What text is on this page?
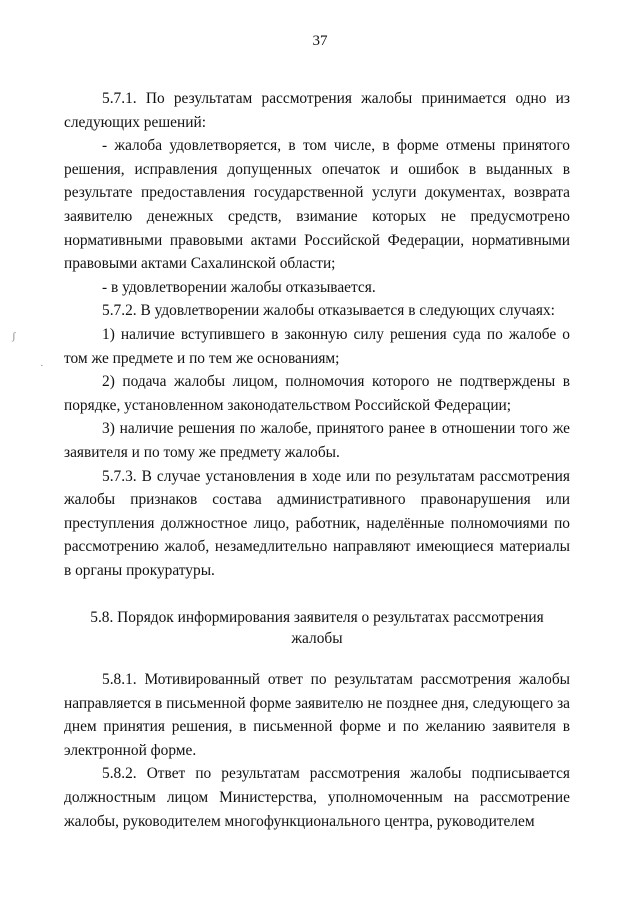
37

5.7.1. По результатам рассмотрения жалобы принимается одно из следующих решений:

- жалоба удовлетворяется, в том числе, в форме отмены принятого решения, исправления допущенных опечаток и ошибок в выданных в результате предоставления государственной услуги документах, возврата заявителю денежных средств, взимание которых не предусмотрено нормативными правовыми актами Российской Федерации, нормативными правовыми актами Сахалинской области;

- в удовлетворении жалобы отказывается.

5.7.2. В удовлетворении жалобы отказывается в следующих случаях:

1) наличие вступившего в законную силу решения суда по жалобе о том же предмете и по тем же основаниям;

2) подача жалобы лицом, полномочия которого не подтверждены в порядке, установленном законодательством Российской Федерации;

3) наличие решения по жалобе, принятого ранее в отношении того же заявителя и по тому же предмету жалобы.

5.7.3. В случае установления в ходе или по результатам рассмотрения жалобы признаков состава административного правонарушения или преступления должностное лицо, работник, наделённые полномочиями по рассмотрению жалоб, незамедлительно направляют имеющиеся материалы в органы прокуратуры.

5.8. Порядок информирования заявителя о результатах рассмотрения
жалобы

5.8.1. Мотивированный ответ по результатам рассмотрения жалобы направляется в письменной форме заявителю не позднее дня, следующего за днем принятия решения, в письменной форме и по желанию заявителя в электронной форме.

5.8.2. Ответ по результатам рассмотрения жалобы подписывается должностным лицом Министерства, уполномоченным на рассмотрение жалобы, руководителем многофункционального центра, руководителем

ʃ
·
